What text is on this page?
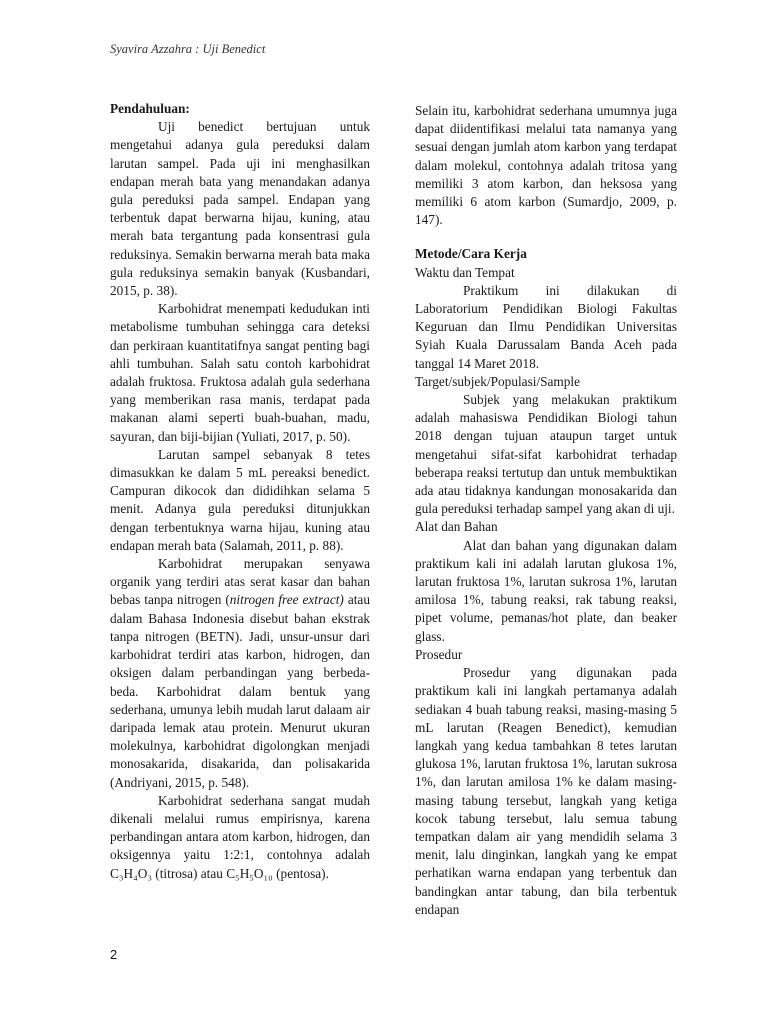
Syavira Azzahra : Uji Benedict

Pendahuluan:

Uji benedict bertujuan untuk mengetahui adanya gula pereduksi dalam larutan sampel. Pada uji ini menghasilkan endapan merah bata yang menandakan adanya gula pereduksi pada sampel. Endapan yang terbentuk dapat berwarna hijau, kuning, atau merah bata tergantung pada konsentrasi gula reduksinya. Semakin berwarna merah bata maka gula reduksinya semakin banyak (Kusbandari, 2015, p. 38).

Karbohidrat menempati kedudukan inti metabolisme tumbuhan sehingga cara deteksi dan perkiraan kuantitatifnya sangat penting bagi ahli tumbuhan. Salah satu contoh karbohidrat adalah fruktosa. Fruktosa adalah gula sederhana yang memberikan rasa manis, terdapat pada makanan alami seperti buah-buahan, madu, sayuran, dan biji-bijian (Yuliati, 2017, p. 50).

Larutan sampel sebanyak 8 tetes dimasukkan ke dalam 5 mL pereaksi benedict. Campuran dikocok dan dididihkan selama 5 menit. Adanya gula pereduksi ditunjukkan dengan terbentuknya warna hijau, kuning atau endapan merah bata (Salamah, 2011, p. 88).

Karbohidrat merupakan senyawa organik yang terdiri atas serat kasar dan bahan bebas tanpa nitrogen (nitrogen free extract) atau dalam Bahasa Indonesia disebut bahan ekstrak tanpa nitrogen (BETN). Jadi, unsur-unsur dari karbohidrat terdiri atas karbon, hidrogen, dan oksigen dalam perbandingan yang berbeda-beda. Karbohidrat dalam bentuk yang sederhana, umunya lebih mudah larut dalaam air daripada lemak atau protein. Menurut ukuran molekulnya, karbohidrat digolongkan menjadi monosakarida, disakarida, dan polisakarida (Andriyani, 2015, p. 548).

Karbohidrat sederhana sangat mudah dikenali melalui rumus empirisnya, karena perbandingan antara atom karbon, hidrogen, dan oksigennya yaitu 1:2:1, contohnya adalah C₃H₄O₃ (titrosa) atau C₅H₅O₁₀ (pentosa).

Selain itu, karbohidrat sederhana umumnya juga dapat diidentifikasi melalui tata namanya yang sesuai dengan jumlah atom karbon yang terdapat dalam molekul, contohnya adalah tritosa yang memiliki 3 atom karbon, dan heksosa yang memiliki 6 atom karbon (Sumardjo, 2009, p. 147).

Metode/Cara Kerja

Waktu dan Tempat

Praktikum ini dilakukan di Laboratorium Pendidikan Biologi Fakultas Keguruan dan Ilmu Pendidikan Universitas Syiah Kuala Darussalam Banda Aceh pada tanggal 14 Maret 2018.

Target/subjek/Populasi/Sample

Subjek yang melakukan praktikum adalah mahasiswa Pendidikan Biologi tahun 2018 dengan tujuan ataupun target untuk mengetahui sifat-sifat karbohidrat terhadap beberapa reaksi tertutup dan untuk membuktikan ada atau tidaknya kandungan monosakarida dan gula pereduksi terhadap sampel yang akan di uji.

Alat dan Bahan

Alat dan bahan yang digunakan dalam praktikum kali ini adalah larutan glukosa 1%, larutan fruktosa 1%, larutan sukrosa 1%, larutan amilosa 1%, tabung reaksi, rak tabung reaksi, pipet volume, pemanas/hot plate, dan beaker glass.

Prosedur

Prosedur yang digunakan pada praktikum kali ini langkah pertamanya adalah sediakan 4 buah tabung reaksi, masing-masing 5 mL larutan (Reagen Benedict), kemudian langkah yang kedua tambahkan 8 tetes larutan glukosa 1%, larutan fruktosa 1%, larutan sukrosa 1%, dan larutan amilosa 1% ke dalam masing-masing tabung tersebut, langkah yang ketiga kocok tabung tersebut, lalu semua tabung tempatkan dalam air yang mendidih selama 3 menit, lalu dinginkan, langkah yang ke empat perhatikan warna endapan yang terbentuk dan bandingkan antar tabung, dan bila terbentuk endapan

2
